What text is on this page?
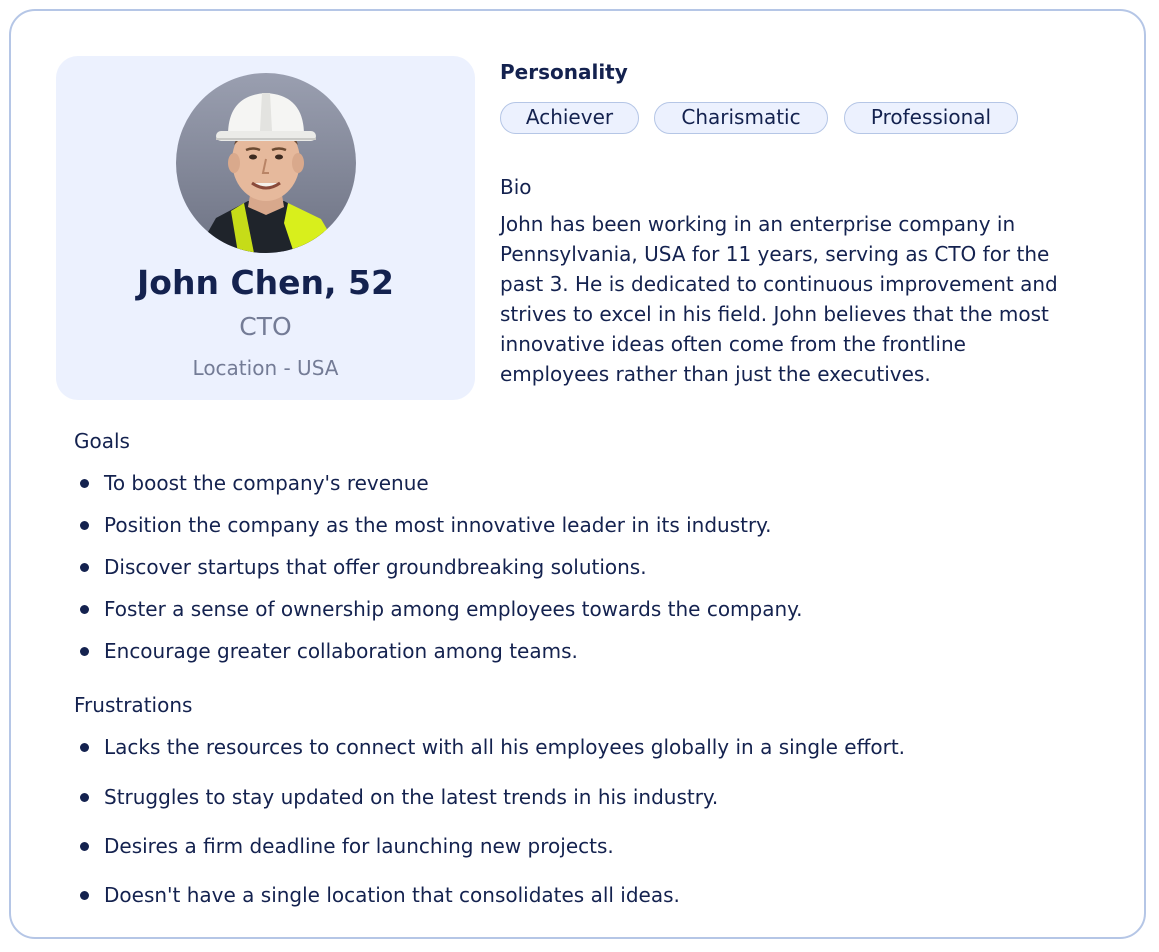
John Chen, 52
CTO
Location - USA
Personality
Achiever	Charismatic	Professional
Bio
John has been working in an enterprise company in
Pennsylvania, USA for 11 years, serving as CTO for the
past 3. He is dedicated to continuous improvement and
strives to excel in his field. John believes that the most
innovative ideas often come from the frontline
employees rather than just the executives.
Goals
To boost the company's revenue
Position the company as the most innovative leader in its industry.
Discover startups that offer groundbreaking solutions.
Foster a sense of ownership among employees towards the company.
Encourage greater collaboration among teams.
Frustrations
Lacks the resources to connect with all his employees globally in a single effort.
Struggles to stay updated on the latest trends in his industry.
Desires a firm deadline for launching new projects.
Doesn't have a single location that consolidates all ideas.
